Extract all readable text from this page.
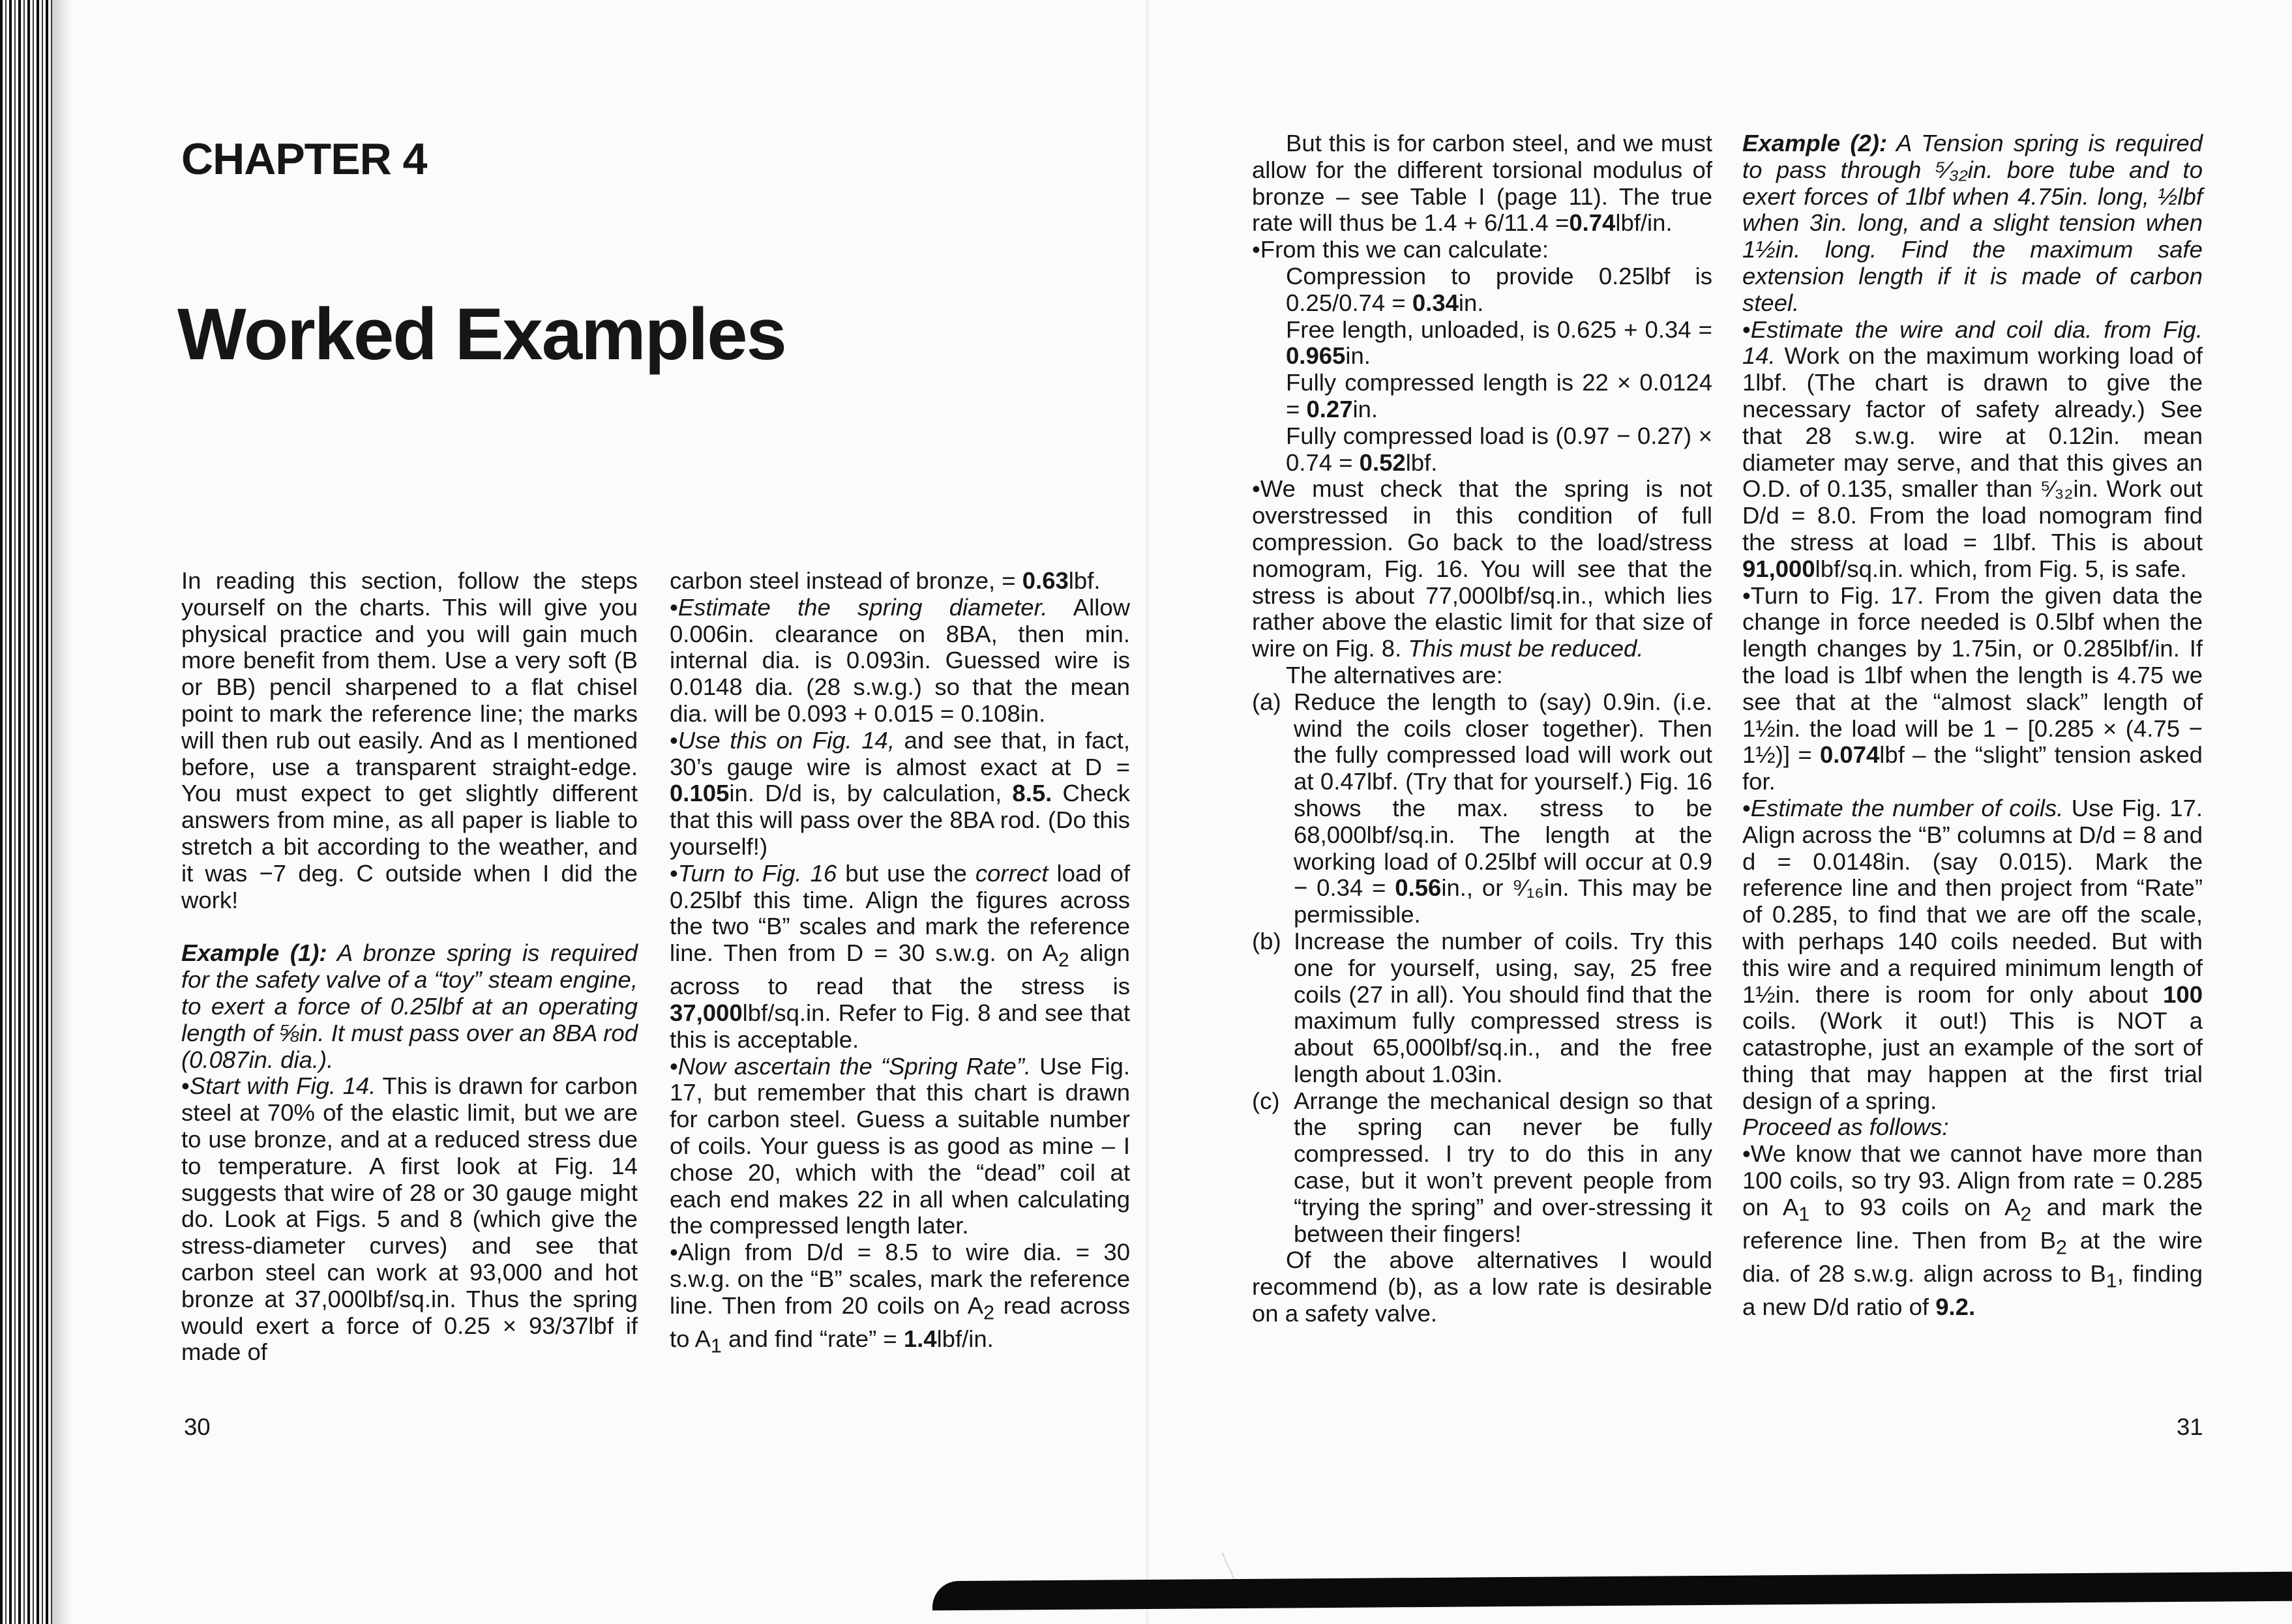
CHAPTER 4
Worked Examples

In reading this section, follow the steps yourself on the charts. This will give you physical practice and you will gain much more benefit from them. Use a very soft (B or BB) pencil sharpened to a flat chisel point to mark the reference line; the marks will then rub out easily. And as I mentioned before, use a transparent straight-edge. You must expect to get slightly different answers from mine, as all paper is liable to stretch a bit according to the weather, and it was −7 deg. C outside when I did the work!

Example (1): A bronze spring is required for the safety valve of a “toy” steam engine, to exert a force of 0.25lbf at an operating length of ⅝in. It must pass over an 8BA rod (0.087in. dia.).

• Start with Fig. 14. This is drawn for carbon steel at 70% of the elastic limit, but we are to use bronze, and at a reduced stress due to temperature. A first look at Fig. 14 suggests that wire of 28 or 30 gauge might do. Look at Figs. 5 and 8 (which give the stress-diameter curves) and see that carbon steel can work at 93,000 and hot bronze at 37,000lbf/sq.in. Thus the spring would exert a force of 0.25 × 93/37lbf if made of

carbon steel instead of bronze, = 0.63lbf.

• Estimate the spring diameter. Allow 0.006in. clearance on 8BA, then min. internal dia. is 0.093in. Guessed wire is 0.0148 dia. (28 s.w.g.) so that the mean dia. will be 0.093 + 0.015 = 0.108in.

• Use this on Fig. 14, and see that, in fact, 30’s gauge wire is almost exact at D = 0.105in. D/d is, by calculation, 8.5. Check that this will pass over the 8BA rod. (Do this yourself!)

• Turn to Fig. 16 but use the correct load of 0.25lbf this time. Align the figures across the two “B” scales and mark the reference line. Then from D = 30 s.w.g. on $A_2$ align across to read that the stress is 37,000lbf/sq.in. Refer to Fig. 8 and see that this is acceptable.

• Now ascertain the “Spring Rate”. Use Fig. 17, but remember that this chart is drawn for carbon steel. Guess a suitable number of coils. Your guess is as good as mine – I chose 20, which with the “dead” coil at each end makes 22 in all when calculating the compressed length later.

• Align from D/d = 8.5 to wire dia. = 30 s.w.g. on the “B” scales, mark the reference line. Then from 20 coils on $A_2$ read across to $A_1$ and find “rate” = 1.4lbf/in.

But this is for carbon steel, and we must allow for the different torsional modulus of bronze – see Table I (page 11). The true rate will thus be 1.4 + 6/11.4 =0.74lbf/in.

• From this we can calculate:

Compression to provide 0.25lbf is 0.25/0.74 = 0.34in.

Free length, unloaded, is 0.625 + 0.34 = 0.965in.

Fully compressed length is 22 × 0.0124 = 0.27in.

Fully compressed load is (0.97 − 0.27) × 0.74 = 0.52lbf.

• We must check that the spring is not overstressed in this condition of full compression. Go back to the load/stress nomogram, Fig. 16. You will see that the stress is about 77,000lbf/sq.in., which lies rather above the elastic limit for that size of wire on Fig. 8. This must be reduced.

The alternatives are:

(a) Reduce the length to (say) 0.9in. (i.e. wind the coils closer together). Then the fully compressed load will work out at 0.47lbf. (Try that for yourself.) Fig. 16 shows the max. stress to be 68,000lbf/sq.in. The length at the working load of 0.25lbf will occur at 0.9 − 0.34 = 0.56in., or ⁹⁄₁₆in. This may be permissible.

(b) Increase the number of coils. Try this one for yourself, using, say, 25 free coils (27 in all). You should find that the maximum fully compressed stress is about 65,000lbf/sq.in., and the free length about 1.03in.

(c) Arrange the mechanical design so that the spring can never be fully compressed. I try to do this in any case, but it won’t prevent people from “trying the spring” and over-stressing it between their fingers!

Of the above alternatives I would recommend (b), as a low rate is desirable on a safety valve.

Example (2): A Tension spring is required to pass through ⁵⁄₃₂in. bore tube and to exert forces of 1lbf when 4.75in. long, ½lbf when 3in. long, and a slight tension when 1½in. long. Find the maximum safe extension length if it is made of carbon steel.

• Estimate the wire and coil dia. from Fig. 14. Work on the maximum working load of 1lbf. (The chart is drawn to give the necessary factor of safety already.) See that 28 s.w.g. wire at 0.12in. mean diameter may serve, and that this gives an O.D. of 0.135, smaller than ⁵⁄₃₂in. Work out D/d = 8.0. From the load nomogram find the stress at load = 1lbf. This is about 91,000lbf/sq.in. which, from Fig. 5, is safe.

• Turn to Fig. 17. From the given data the change in force needed is 0.5lbf when the length changes by 1.75in, or 0.285lbf/in. If the load is 1lbf when the length is 4.75 we see that at the “almost slack” length of 1½in. the load will be 1 − [0.285 × (4.75 − 1½)] = 0.074lbf – the “slight” tension asked for.

• Estimate the number of coils. Use Fig. 17. Align across the “B” columns at D/d = 8 and d = 0.0148in. (say 0.015). Mark the reference line and then project from “Rate” of 0.285, to find that we are off the scale, with perhaps 140 coils needed. But with this wire and a required minimum length of 1½in. there is room for only about 100 coils. (Work it out!) This is NOT a catastrophe, just an example of the sort of thing that may happen at the first trial design of a spring.

Proceed as follows:

• We know that we cannot have more than 100 coils, so try 93. Align from rate = 0.285 on $A_1$ to 93 coils on $A_2$ and mark the reference line. Then from $B_2$ at the wire dia. of 28 s.w.g. align across to $B_1$, finding a new D/d ratio of 9.2.

30	31
